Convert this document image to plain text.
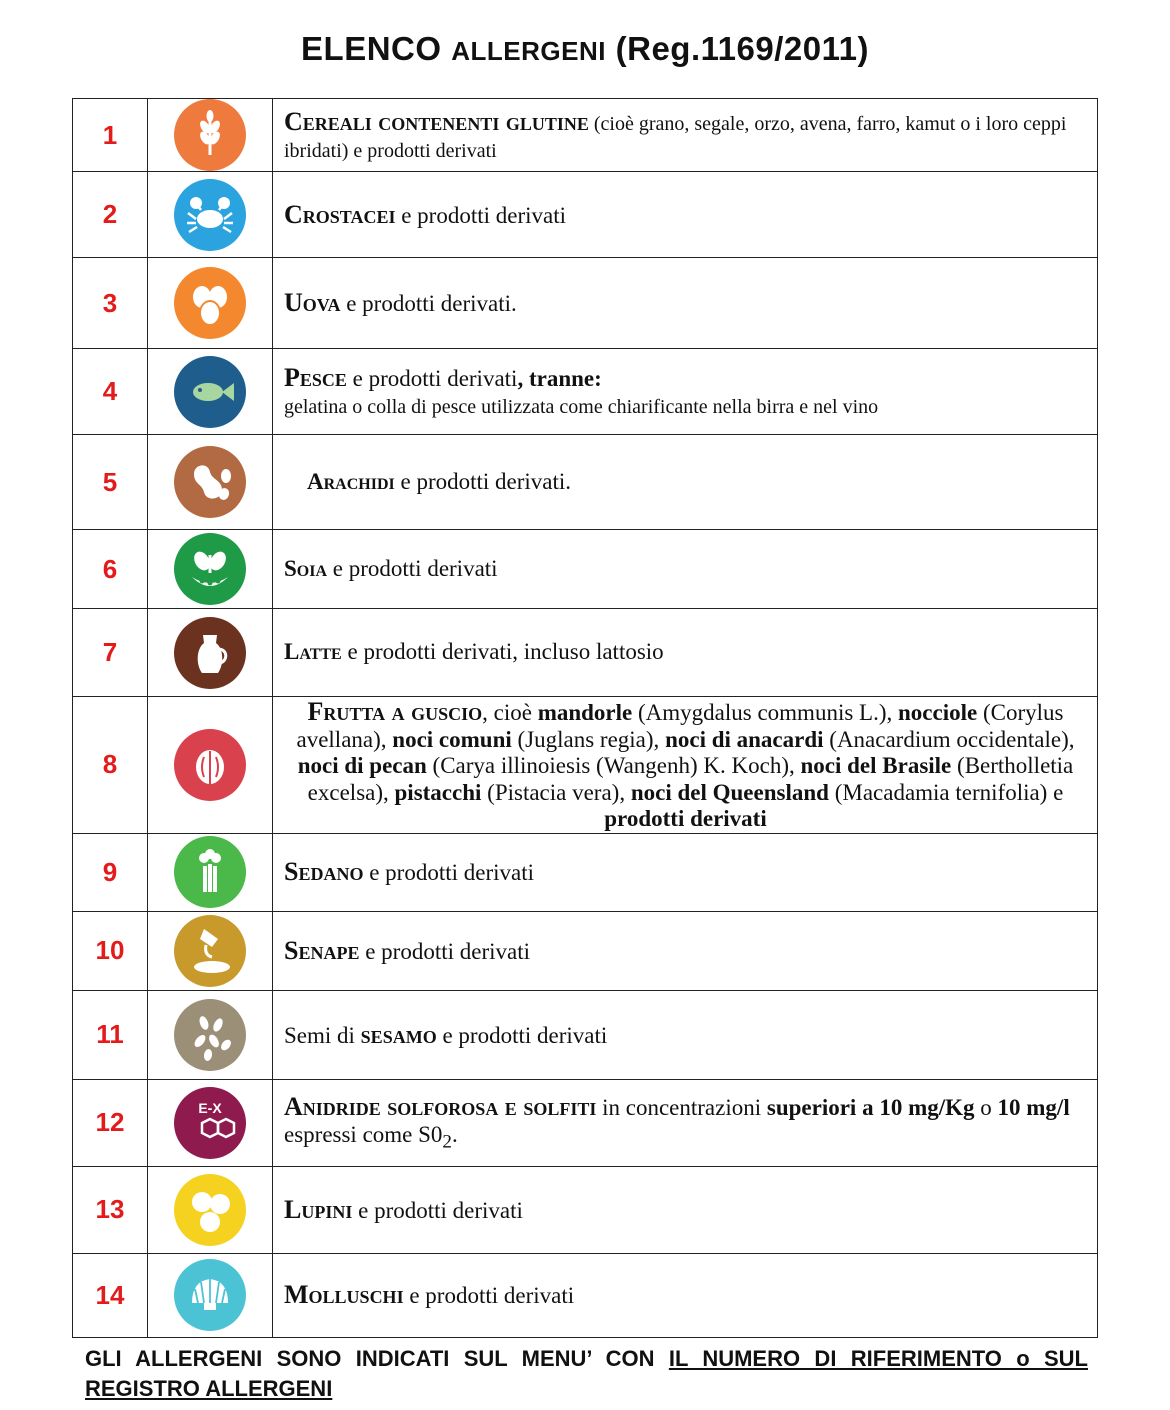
ELENCO ALLERGENI (Reg.1169/2011)
1		Cereali contenenti glutine (cioè grano, segale, orzo, avena, farro, kamut o i loro ceppi ibridati) e prodotti derivati
2		Crostacei e prodotti derivati
3		Uova e prodotti derivati.
4		Pesce e prodotti derivati, tranne:
gelatina o colla di pesce utilizzata come chiarificante nella birra e nel vino
5		Arachidi e prodotti derivati.
6		Soia e prodotti derivati
7		Latte e prodotti derivati, incluso lattosio
8		Frutta a guscio, cioè mandorle (Amygdalus communis L.), nocciole (Corylus avellana), noci comuni (Juglans regia), noci di anacardi (Anacardium occidentale), noci di pecan (Carya illinoiesis (Wangenh) K. Koch), noci del Brasile (Bertholletia excelsa), pistacchi (Pistacia vera), noci del Queensland (Macadamia ternifolia) e prodotti derivati
9		Sedano e prodotti derivati
10		Senape e prodotti derivati
11		Semi di sesamo e prodotti derivati
12	E-X	Anidride solforosa e solfiti in concentrazioni superiori a 10 mg/Kg o 10 mg/l espressi come $S0_2$.
13		Lupini e prodotti derivati
14		Molluschi e prodotti derivati
GLI ALLERGENI SONO INDICATI SUL MENU’ CON IL NUMERO DI RIFERIMENTO o SUL REGISTRO ALLERGENI
